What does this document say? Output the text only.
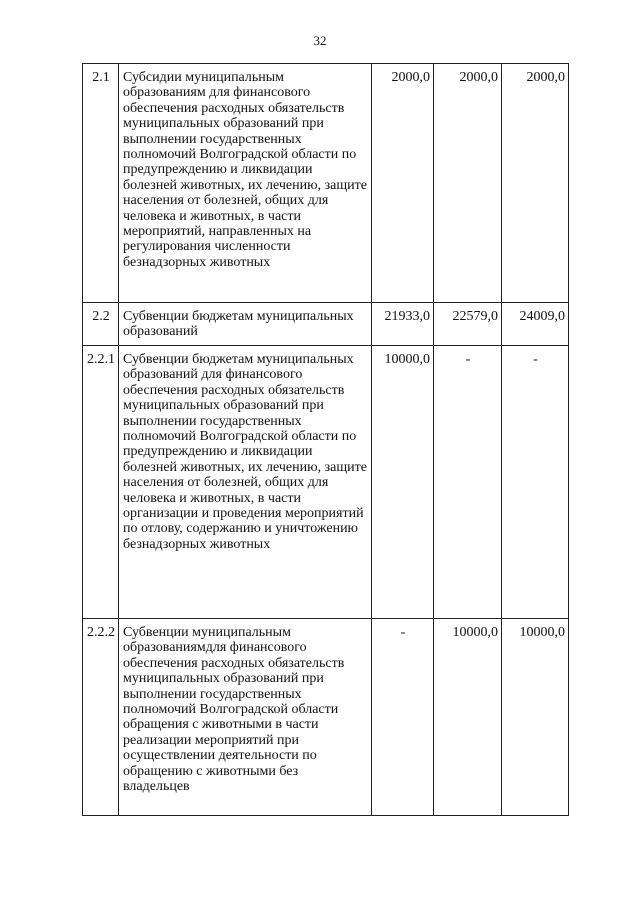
32
2.1	Субсидии муниципальным образованиям для финансового обеспечения расходных обязательств муниципальных образований при выполнении государственных полномочий Волгоградской области по предупреждению и ликвидации болезней животных, их лечению, защите населения от болезней, общих для человека и животных, в части мероприятий, направленных на регулирования численности безнадзорных животных	2000,0	2000,0	2000,0
2.2	Субвенции бюджетам муниципальных образований	21933,0	22579,0	24009,0
2.2.1	Субвенции бюджетам муниципальных образований для финансового обеспечения расходных обязательств муниципальных образований при выполнении государственных полномочий Волгоградской области по предупреждению и ликвидации болезней животных, их лечению, защите населения от болезней, общих для человека и животных, в части организации и проведения мероприятий по отлову, содержанию и уничтожению безнадзорных животных	10000,0	-	-
2.2.2	Субвенции муниципальным образованиямдля финансового обеспечения расходных обязательств муниципальных образований при выполнении государственных полномочий Волгоградской области обращения с животными в части реализации мероприятий при осуществлении деятельности по обращению с животными без владельцев	-	10000,0	10000,0
